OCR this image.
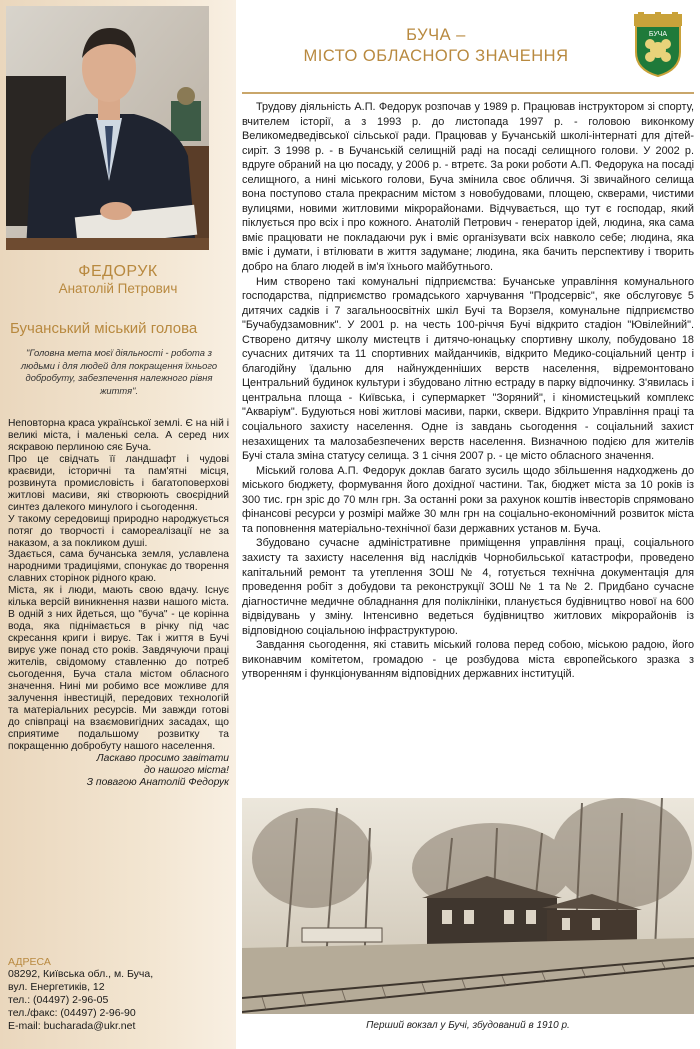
ФЕДОРУК
Анатолій Петрович
Бучанський міський голова
"Головна мета моєї діяльності - робота з людьми і для людей для покращення їхнього добробуту, забезпечення належного рівня життя".

Неповторна краса української землі. Є на ній і великі міста, і маленькі села. А серед них яскравою перлиною сяє Буча.

Про це свідчать її ландшафт і чудові краєвиди, історичні та пам'ятні місця, розвинута промисловість і багатоповерхові житлові масиви, які створюють своєрідний синтез далекого минулого і сьогодення.

У такому середовищі природно народжується потяг до творчості і самореалізації не за наказом, а за покликом душі.

Здається, сама бучанська земля, уславлена народними традиціями, спонукає до творення славних сторінок рідного краю.

Міста, як і люди, мають свою вдачу. Існує кілька версій виникнення назви нашого міста. В одній з них йдеться, що "буча" - це корінна вода, яка піднімається в річку під час скресання криги і вирує. Так і життя в Бучі вирує уже понад сто років. Завдячуючи праці жителів, свідомому ставленню до потреб сьогодення, Буча стала містом обласного значення. Нині ми робимо все можливе для залучення інвестицій, передових технологій та матеріальних ресурсів. Ми завжди готові до співпраці на взаємовигідних засадах, що сприятиме подальшому розвитку та покращенню добробуту нашого населення.

Ласкаво просимо завітати

до нашого міста!

З повагою Анатолій Федорук

АДРЕСА
08292, Київська обл., м. Буча,
вул. Енергетиків, 12
тел.: (04497) 2-96-05
тел./факс: (04497) 2-96-90
E-mail: bucharada@ukr.net
БУЧА –
МІСТО ОБЛАСНОГО ЗНАЧЕННЯ
БУЧА

Трудову діяльність А.П. Федорук розпочав у 1989 р. Працював інструктором зі спорту, вчителем історії, а з 1993 р. до листопада 1997 р. - головою виконкому Великомедведівської сільської ради. Працював у Бучанській школі-інтернаті для дітей-сиріт. З 1998 р. - в Бучанській селищній раді на посаді селищного голови. У 2002 р. вдруге обраний на цю посаду, у 2006 р. - втретє. За роки роботи А.П. Федорука на посаді селищного, а нині міського голови, Буча змінила своє обличчя. Зі звичайного селища вона поступово стала прекрасним містом з новобудовами, площею, скверами, чистими вулицями, новими житловими мікрорайонами. Відчувається, що тут є господар, який піклується про всіх і про кожного. Анатолій Петрович - генератор ідей, людина, яка сама вміє працювати не покладаючи рук і вміє організувати всіх навколо себе; людина, яка вміє і думати, і втілювати в життя задумане; людина, яка бачить перспективу і творить добро на благо людей в ім'я їхнього майбутнього.

Ним створено такі комунальні підприємства: Бучанське управління комунального господарства, підприємство громадського харчування "Продсервіс", яке обслуговує 5 дитячих садків і 7 загальноосвітніх шкіл Бучі та Ворзеля, комунальне підприємство "Бучабудзамовник". У 2001 р. на честь 100-річчя Бучі відкрито стадіон "Ювілейний". Створено дитячу школу мистецтв і дитячо-юнацьку спортивну школу, побудовано 18 сучасних дитячих та 11 спортивних майданчиків, відкрито Медико-соціальний центр і благодійну їдальню для найнужденніших верств населення, відремонтовано Центральний будинок культури і збудовано літню естраду в парку відпочинку. З'явилась і центральна площа - Київська, і супермаркет "Зоряний", і кіномистецький комплекс "Акваріум". Будуються нові житлові масиви, парки, сквери. Відкрито Управління праці та соціального захисту населення. Одне із завдань сьогодення - соціальний захист незахищених та малозабезпечених верств населення. Визначною подією для жителів Бучі стала зміна статусу селища. З 1 січня 2007 р. - це місто обласного значення.

Міський голова А.П. Федорук доклав багато зусиль щодо збільшення надходжень до міського бюджету, формування його дохідної частини. Так, бюджет міста за 10 років із 300 тис. грн зріс до 70 млн грн. За останні роки за рахунок коштів інвесторів спрямовано фінансові ресурси у розмірі майже 30 млн грн на соціально-економічний розвиток міста та поповнення матеріально-технічної бази державних установ м. Буча.

Збудовано сучасне адміністративне приміщення управління праці, соціального захисту та захисту населення від наслідків Чорнобильської катастрофи, проведено капітальний ремонт та утеплення ЗОШ № 4, готується технічна документація для проведення робіт з добудови та реконструкції ЗОШ № 1 та № 2. Придбано сучасне діагностичне медичне обладнання для поліклініки, планується будівництво нової на 600 відвідувань у зміну. Інтенсивно ведеться будівництво житлових мікрорайонів із відповідною соціальною інфраструктурою.

Завдання сьогодення, які ставить міський голова перед собою, міською радою, його виконавчим комітетом, громадою - це розбудова міста європейського зразка з утворенням і функціонуванням відповідних державних інституцій.

Перший вокзал у Бучі, збудований в 1910 р.
